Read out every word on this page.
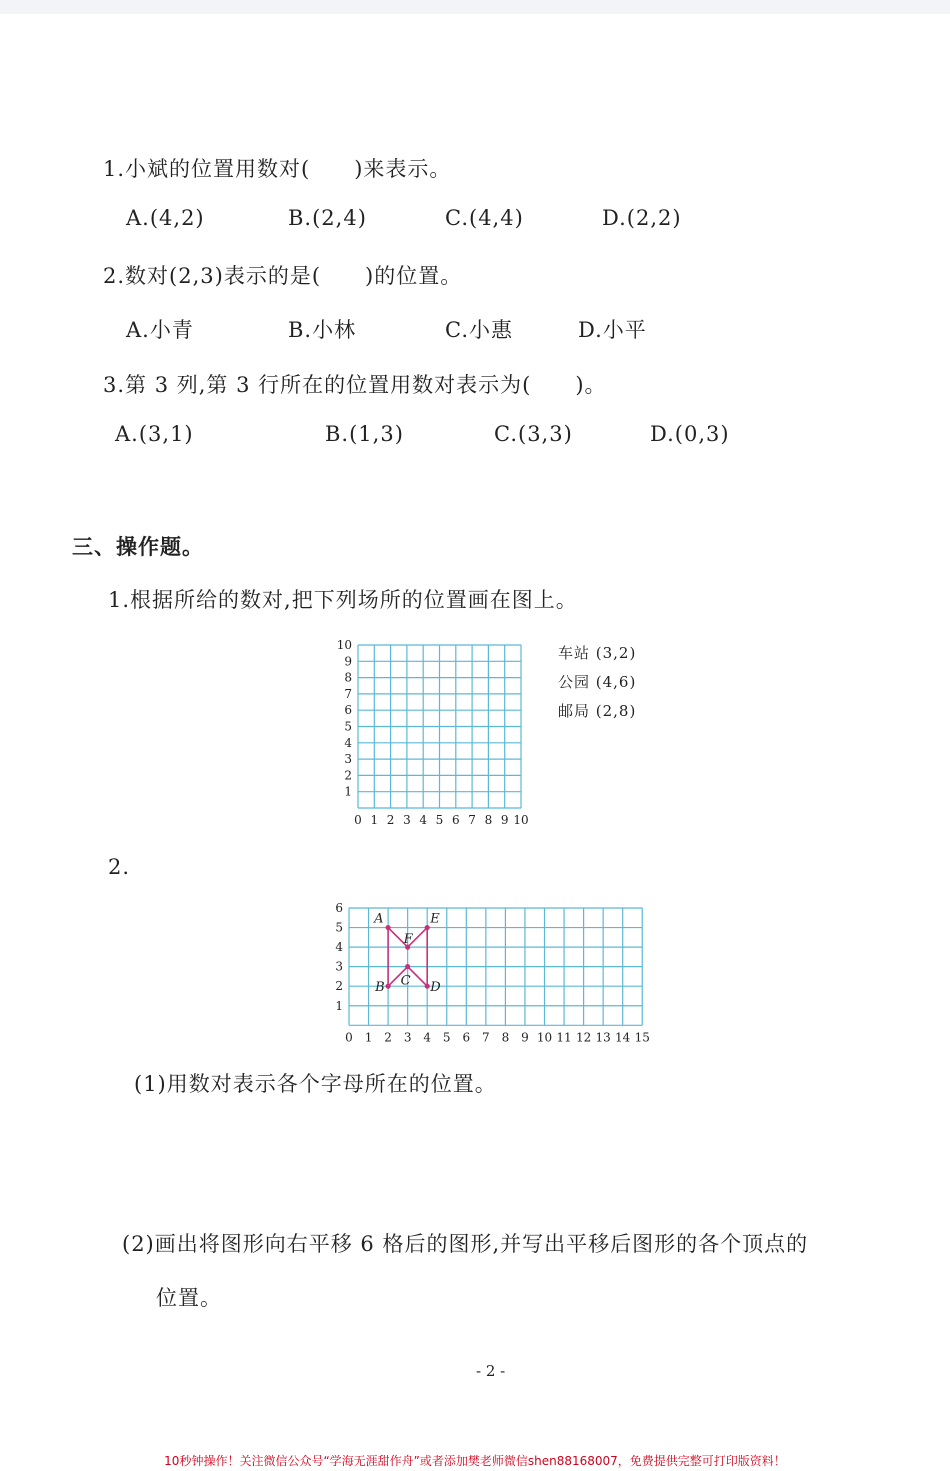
1.小斌的位置用数对(　　)来表示。
A.(4,2)	B.(2,4)	C.(4,4)	D.(2,2)
2.数对(2,3)表示的是(　　)的位置。
A.小青	B.小林	C.小惠	D.小平
3.第 3 列,第 3 行所在的位置用数对表示为(　　)。
A.(3,1)	B.(1,3)	C.(3,3)	D.(0,3)
三、操作题。
1.根据所给的数对,把下列场所的位置画在图上。
0 1 2 3 4 5 6 7 8 9 10
1
2
3
4
5
6
7
8
9
10	车站 (3,2)
公园 (4,6)
邮局 (2,8)
2.
0 1 2 3 4 5 6 7 8 9 10 11 12 13 14 15
1
2
3
4
5
6
A	E
F
C
B	D
(1)用数对表示各个字母所在的位置。
(2)画出将图形向右平移 6 格后的图形,并写出平移后图形的各个顶点的
位置。
- 2 -
10秒钟操作！关注微信公众号“学海无涯甜作舟”或者添加樊老师微信shen88168007，免费提供完整可打印版资料！
